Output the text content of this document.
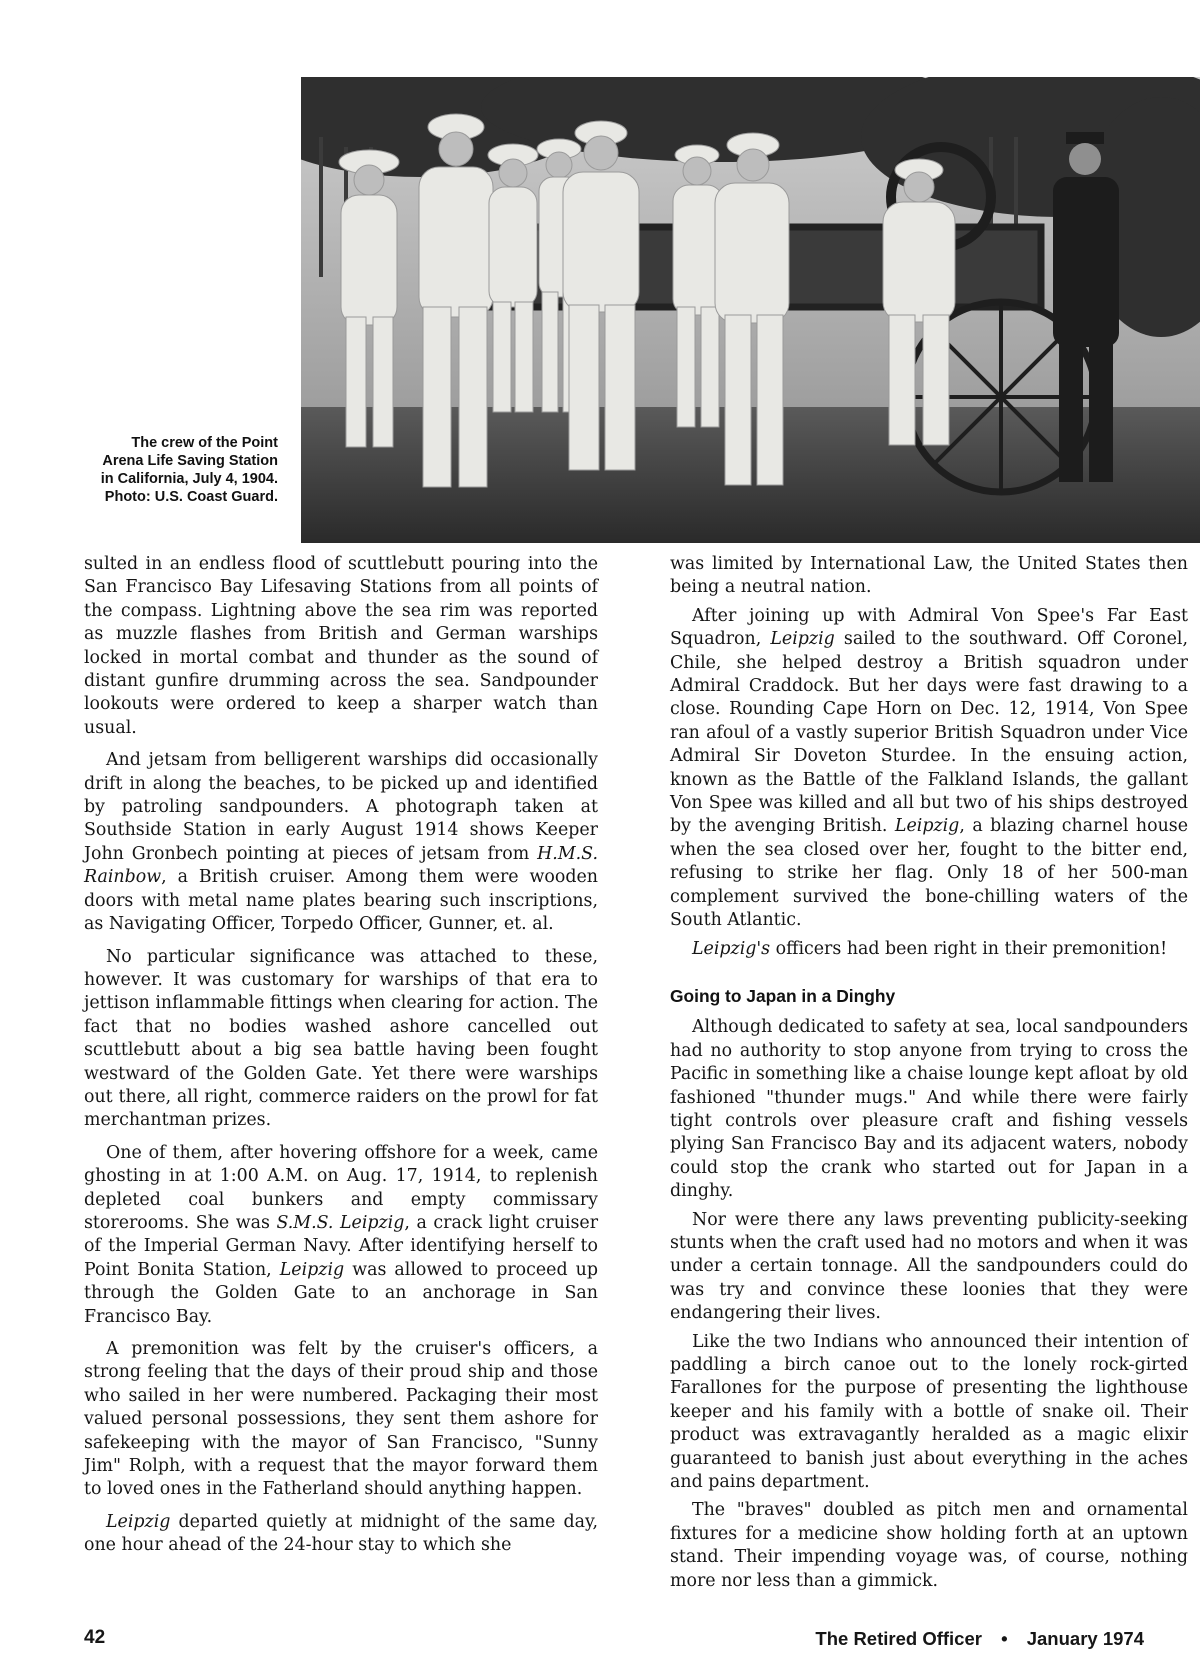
The crew of the Point Arena Life Saving Station in California, July 4, 1904. Photo: U.S. Coast Guard.

sulted in an endless flood of scuttlebutt pouring into the San Francisco Bay Lifesaving Stations from all points of the compass. Lightning above the sea rim was reported as muzzle flashes from British and German warships locked in mortal combat and thunder as the sound of distant gunfire drumming across the sea. Sandpounder lookouts were ordered to keep a sharper watch than usual.

And jetsam from belligerent warships did occasionally drift in along the beaches, to be picked up and identified by patroling sandpounders. A photograph taken at Southside Station in early August 1914 shows Keeper John Gronbech pointing at pieces of jetsam from H.M.S. Rainbow, a British cruiser. Among them were wooden doors with metal name plates bearing such inscriptions, as Navigating Officer, Torpedo Officer, Gunner, et. al.

No particular significance was attached to these, however. It was customary for warships of that era to jettison inflammable fittings when clearing for action. The fact that no bodies washed ashore cancelled out scuttlebutt about a big sea battle having been fought westward of the Golden Gate. Yet there were warships out there, all right, commerce raiders on the prowl for fat merchantman prizes.

One of them, after hovering offshore for a week, came ghosting in at 1:00 A.M. on Aug. 17, 1914, to replenish depleted coal bunkers and empty commissary storerooms. She was S.M.S. Leipzig, a crack light cruiser of the Imperial German Navy. After identifying herself to Point Bonita Station, Leipzig was allowed to proceed up through the Golden Gate to an anchorage in San Francisco Bay.

A premonition was felt by the cruiser's officers, a strong feeling that the days of their proud ship and those who sailed in her were numbered. Packaging their most valued personal possessions, they sent them ashore for safekeeping with the mayor of San Francisco, "Sunny Jim" Rolph, with a request that the mayor forward them to loved ones in the Fatherland should anything happen.

Leipzig departed quietly at midnight of the same day, one hour ahead of the 24-hour stay to which she

was limited by International Law, the United States then being a neutral nation.

After joining up with Admiral Von Spee's Far East Squadron, Leipzig sailed to the southward. Off Coronel, Chile, she helped destroy a British squadron under Admiral Craddock. But her days were fast drawing to a close. Rounding Cape Horn on Dec. 12, 1914, Von Spee ran afoul of a vastly superior British Squadron under Vice Admiral Sir Doveton Sturdee. In the ensuing action, known as the Battle of the Falkland Islands, the gallant Von Spee was killed and all but two of his ships destroyed by the avenging British. Leipzig, a blazing charnel house when the sea closed over her, fought to the bitter end, refusing to strike her flag. Only 18 of her 500-man complement survived the bone-chilling waters of the South Atlantic.

Leipzig's officers had been right in their premonition!

Going to Japan in a Dinghy

Although dedicated to safety at sea, local sandpounders had no authority to stop anyone from trying to cross the Pacific in something like a chaise lounge kept afloat by old fashioned "thunder mugs." And while there were fairly tight controls over pleasure craft and fishing vessels plying San Francisco Bay and its adjacent waters, nobody could stop the crank who started out for Japan in a dinghy.

Nor were there any laws preventing publicity-seeking stunts when the craft used had no motors and when it was under a certain tonnage. All the sandpounders could do was try and convince these loonies that they were endangering their lives.

Like the two Indians who announced their intention of paddling a birch canoe out to the lonely rock-girted Farallones for the purpose of presenting the lighthouse keeper and his family with a bottle of snake oil. Their product was extravagantly heralded as a magic elixir guaranteed to banish just about everything in the aches and pains department.

The "braves" doubled as pitch men and ornamental fixtures for a medicine show holding forth at an uptown stand. Their impending voyage was, of course, nothing more nor less than a gimmick.

42	The Retired Officer • January 1974
